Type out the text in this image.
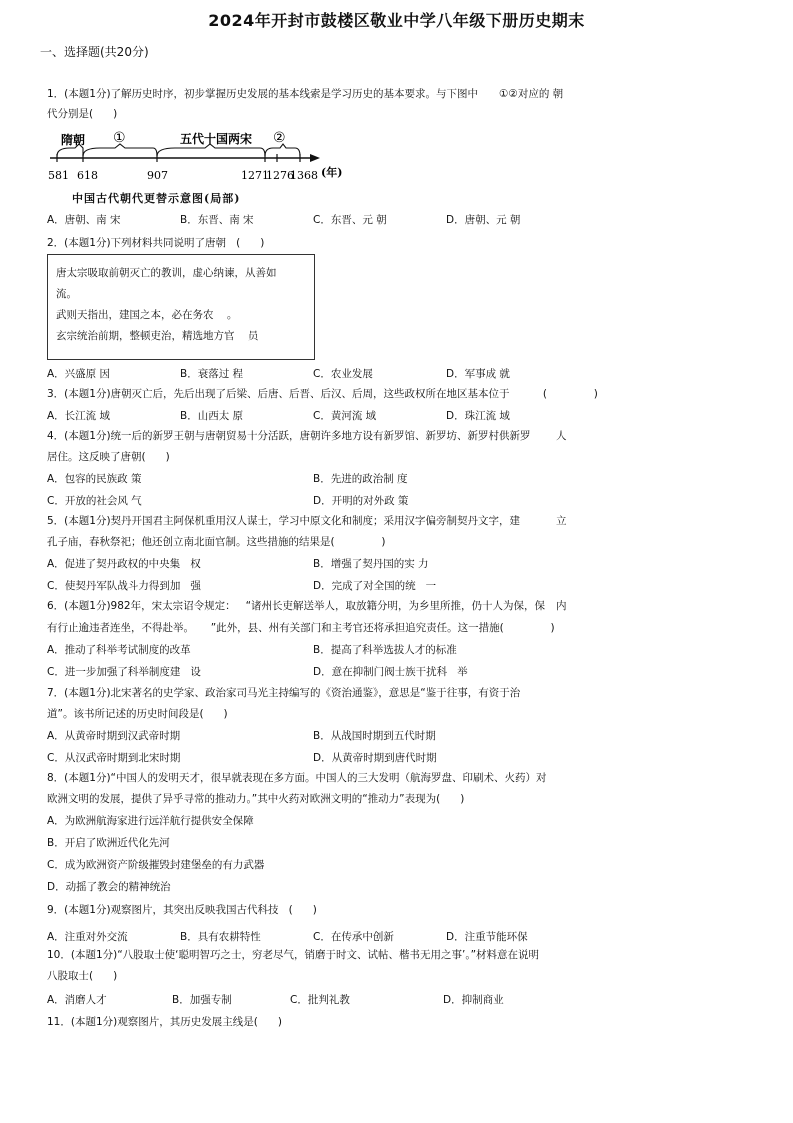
2024年开封市鼓楼区敬业中学八年级下册历史期末
一、选择题(共20分)
1．(本题1分)了解历史时序，初步掌握历史发展的基本线索是学习历史的基本要求。与下图中 ①②对应的 朝
代分别是(      )
隋朝 ①	五代十国两宋 ②
(年)
581 618	907	1271
1276
1368
中国古代朝代更替示意图(局部)
A．唐朝、南 宋	B．东晋、南 宋	C．东晋、元 朝	D．唐朝、元 朝
2．(本题1分)下列材料共同说明了唐朝   (      )
唐太宗吸取前朝灭亡的教训，虚心纳谏，从善如
流。
武则天指出，建国之本，必在务农    。
玄宗统治前期，整顿吏治，精选地方官    员
A．兴盛原 因	B．衰落过 程	C．农业发展	D．军事成 就
3．(本题1分)唐朝灭亡后，先后出现了后梁、后唐、后晋、后汉、后周，这些政权所在地区基本位于          (              )
A．长江流 域	B．山西太 原	C．黄河流 域	D．珠江流 域
4．(本题1分)统一后的新罗王朝与唐朝贸易十分活跃，唐朝许多地方设有新罗馆、新罗坊、新罗村供新罗 人
居住。这反映了唐朝(      )
A．包容的民族政 策	B．先进的政治制 度
C．开放的社会风 气	D．开明的对外政 策
5．(本题1分)契丹开国君主阿保机重用汉人谋士，学习中原文化和制度；采用汉字偏旁制契丹文字，建	立
孔子庙，春秋祭祀；他还创立南北面官制。这些措施的结果是(              )
A．促进了契丹政权的中央集   权	B．增强了契丹国的实 力
C．使契丹军队战斗力得到加   强	D．完成了对全国的统   一
6．(本题1分)982年，宋太宗诏令规定：   “诸州长吏解送举人，取放籍分明，为乡里所推，仍十人为保，保 内
有行止逾违者连坐，不得赴举。     ”此外，县、州有关部门和主考官还将承担追究责任。这一措施(              )
A．推动了科举考试制度的改革	B．提高了科举选拔人才的标准
C．进一步加强了科举制度建   设	D．意在抑制门阀士族干扰科   举
7．(本题1分)北宋著名的史学家、政治家司马光主持编写的《资治通鉴》，意思是“鉴于往事，有资于治
道”。该书所记述的历史时间段是(      )
A．从黄帝时期到汉武帝时期	B．从战国时期到五代时期
C．从汉武帝时期到北宋时期	D．从黄帝时期到唐代时期
8．(本题1分)“中国人的发明天才，很早就表现在多方面。中国人的三大发明（航海罗盘、印刷术、火药）对
欧洲文明的发展，提供了异乎寻常的推动力。”其中火药对欧洲文明的“推动力”表现为(      )
A．为欧洲航海家进行远洋航行提供安全保障
B．开启了欧洲近代化先河
C．成为欧洲资产阶级摧毁封建堡垒的有力武器
D．动摇了教会的精神统治
9．(本题1分)观察图片，其突出反映我国古代科技   (      )
A．注重对外交流	B．具有农耕特性	C．在传承中创新	D．注重节能环保
10．(本题1分)“八股取士使‘聪明智巧之士，穷老尽气，销磨于时文、试帖、楷书无用之事’。”材料意在说明
八股取士(      )
A．消磨人才	B．加强专制	C．批判礼教	D．抑制商业
11．(本题1分)观察图片，其历史发展主线是(      )
